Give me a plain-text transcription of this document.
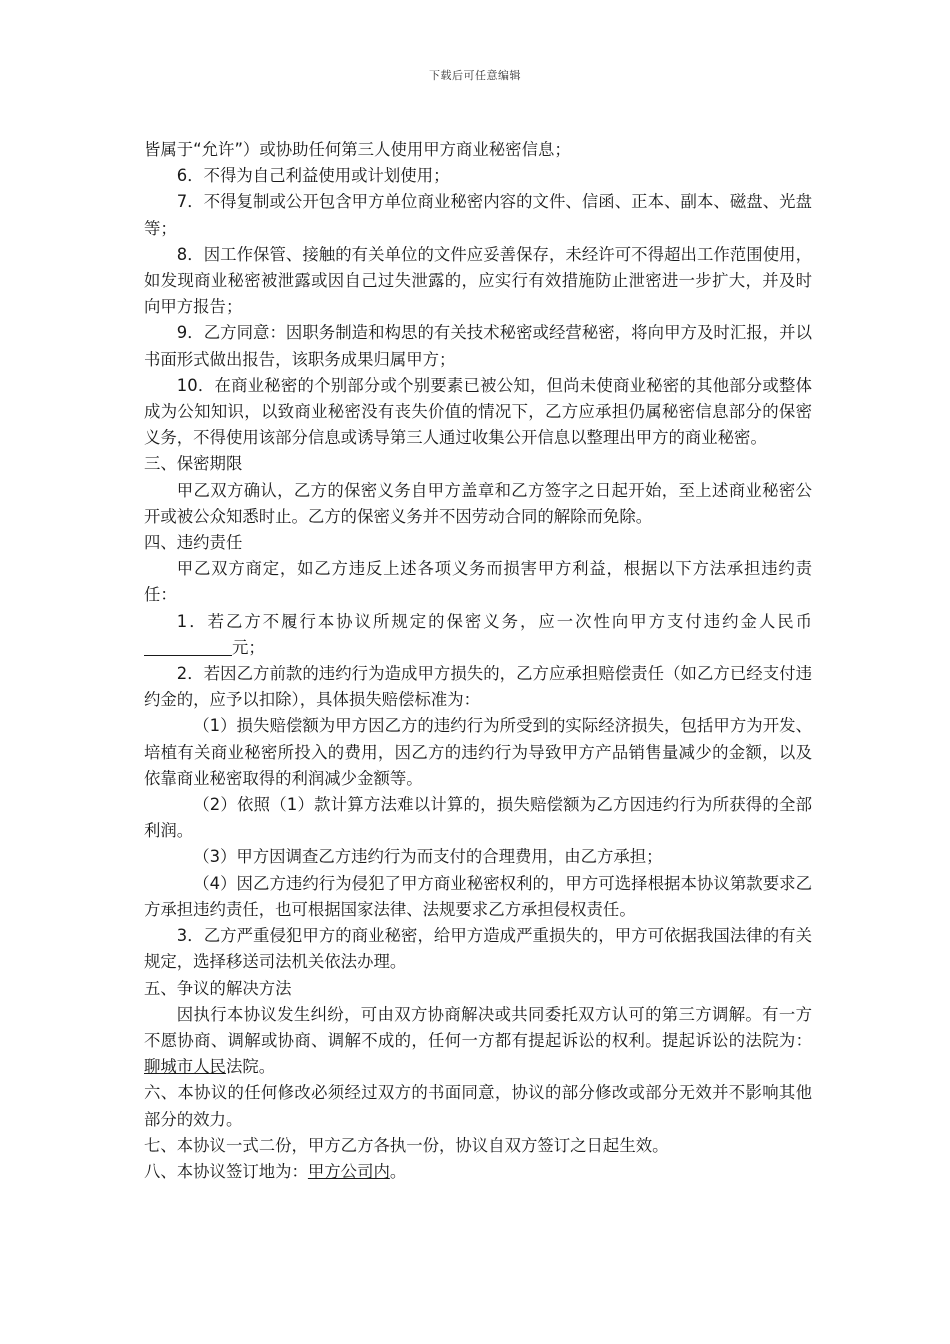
下载后可任意编辑

皆属于“允许”）或协助任何第三人使用甲方商业秘密信息；

6．不得为自己利益使用或计划使用；

7．不得复制或公开包含甲方单位商业秘密内容的文件、信函、正本、副本、磁盘、光盘等；

8．因工作保管、接触的有关单位的文件应妥善保存，未经许可不得超出工作范围使用，如发现商业秘密被泄露或因自己过失泄露的，应实行有效措施防止泄密进一步扩大，并及时向甲方报告；

9．乙方同意：因职务制造和构思的有关技术秘密或经营秘密，将向甲方及时汇报，并以书面形式做出报告，该职务成果归属甲方；

10．在商业秘密的个别部分或个别要素已被公知，但尚未使商业秘密的其他部分或整体成为公知知识，以致商业秘密没有丧失价值的情况下，乙方应承担仍属秘密信息部分的保密义务，不得使用该部分信息或诱导第三人通过收集公开信息以整理出甲方的商业秘密。

三、保密期限

甲乙双方确认，乙方的保密义务自甲方盖章和乙方签字之日起开始，至上述商业秘密公开或被公众知悉时止。乙方的保密义务并不因劳动合同的解除而免除。

四、违约责任

甲乙双方商定，如乙方违反上述各项义务而损害甲方利益，根据以下方法承担违约责任：

1．若乙方不履行本协议所规定的保密义务，应一次性向甲方支付违约金人民币元；

2．若因乙方前款的违约行为造成甲方损失的，乙方应承担赔偿责任（如乙方已经支付违约金的，应予以扣除），具体损失赔偿标准为：

（1）损失赔偿额为甲方因乙方的违约行为所受到的实际经济损失，包括甲方为开发、培植有关商业秘密所投入的费用，因乙方的违约行为导致甲方产品销售量减少的金额，以及依靠商业秘密取得的利润减少金额等。

（2）依照（1）款计算方法难以计算的，损失赔偿额为乙方因违约行为所获得的全部利润。

（3）甲方因调查乙方违约行为而支付的合理费用，由乙方承担；

（4）因乙方违约行为侵犯了甲方商业秘密权利的，甲方可选择根据本协议第款要求乙方承担违约责任，也可根据国家法律、法规要求乙方承担侵权责任。

3．乙方严重侵犯甲方的商业秘密，给甲方造成严重损失的，甲方可依据我国法律的有关规定，选择移送司法机关依法办理。

五、争议的解决方法

因执行本协议发生纠纷，可由双方协商解决或共同委托双方认可的第三方调解。有一方不愿协商、调解或协商、调解不成的，任何一方都有提起诉讼的权利。提起诉讼的法院为：聊城市人民法院。

六、本协议的任何修改必须经过双方的书面同意，协议的部分修改或部分无效并不影响其他部分的效力。

七、本协议一式二份，甲方乙方各执一份，协议自双方签订之日起生效。

八、本协议签订地为：甲方公司内。
